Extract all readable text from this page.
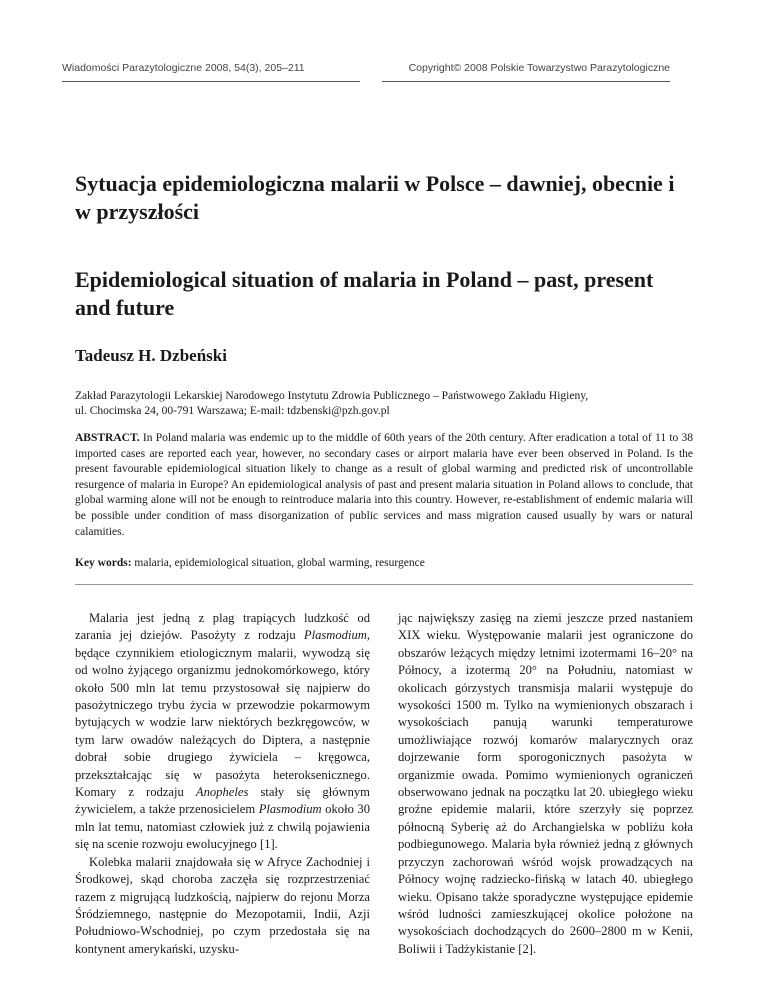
Wiadomości Parazytologiczne 2008, 54(3), 205–211	Copyright© 2008 Polskie Towarzystwo Parazytologiczne
Sytuacja epidemiologiczna malarii w Polsce – dawniej, obecnie i w przyszłości
Epidemiological situation of malaria in Poland – past, present and future
Tadeusz H. Dzbeński
Zakład Parazytologii Lekarskiej Narodowego Instytutu Zdrowia Publicznego – Państwowego Zakładu Higieny,
ul. Chocimska 24, 00-791 Warszawa; E-mail: tdzbenski@pzh.gov.pl

ABSTRACT. In Poland malaria was endemic up to the middle of 60th years of the 20th century. After eradication a total of 11 to 38 imported cases are reported each year, however, no secondary cases or airport malaria have ever been observed in Poland. Is the present favourable epidemiological situation likely to change as a result of global warming and predicted risk of uncontrollable resurgence of malaria in Europe? An epidemiological analysis of past and present malaria situation in Poland allows to conclude, that global warming alone will not be enough to reintroduce malaria into this country. However, re-establishment of endemic malaria will be possible under condition of mass disorganization of public services and mass migration caused usually by wars or natural calamities.

Key words: malaria, epidemiological situation, global warming, resurgence

Malaria jest jedną z plag trapiących ludzkość od zarania jej dziejów. Pasożyty z rodzaju Plasmodium, będące czynnikiem etiologicznym malarii, wywodzą się od wolno żyjącego organizmu jednokomórkowego, który około 500 mln lat temu przystosował się najpierw do pasożytniczego trybu życia w przewodzie pokarmowym bytujących w wodzie larw niektórych bezkręgowców, w tym larw owadów należących do Diptera, a następnie dobrał sobie drugiego żywiciela – kręgowca, przekształcając się w pasożyta heteroksenicznego. Komary z rodzaju Anopheles stały się głównym żywicielem, a także przenosicielem Plasmodium około 30 mln lat temu, natomiast człowiek już z chwilą pojawienia się na scenie rozwoju ewolucyjnego [1].

Kolebka malarii znajdowała się w Afryce Zachodniej i Środkowej, skąd choroba zaczęła się rozprzestrzeniać razem z migrującą ludzkością, najpierw do rejonu Morza Śródziemnego, następnie do Mezopotamii, Indii, Azji Południowo-Wschodniej, po czym przedostała się na kontynent amerykański, uzysku-

jąc największy zasięg na ziemi jeszcze przed nastaniem XIX wieku. Występowanie malarii jest ograniczone do obszarów leżących między letnimi izotermami 16–20° na Północy, a izotermą 20° na Południu, natomiast w okolicach górzystych transmisja malarii występuje do wysokości 1500 m. Tylko na wymienionych obszarach i wysokościach panują warunki temperaturowe umożliwiające rozwój komarów malarycznych oraz dojrzewanie form sporogonicznych pasożyta w organizmie owada. Pomimo wymienionych ograniczeń obserwowano jednak na początku lat 20. ubiegłego wieku groźne epidemie malarii, które szerzyły się poprzez północną Syberię aż do Archangielska w pobliżu koła podbiegunowego. Malaria była również jedną z głównych przyczyn zachorowań wśród wojsk prowadzących na Północy wojnę radziecko-fińską w latach 40. ubiegłego wieku. Opisano także sporadyczne występujące epidemie wśród ludności zamieszkującej okolice położone na wysokościach dochodzących do 2600–2800 m w Kenii, Boliwii i Tadżykistanie [2].
